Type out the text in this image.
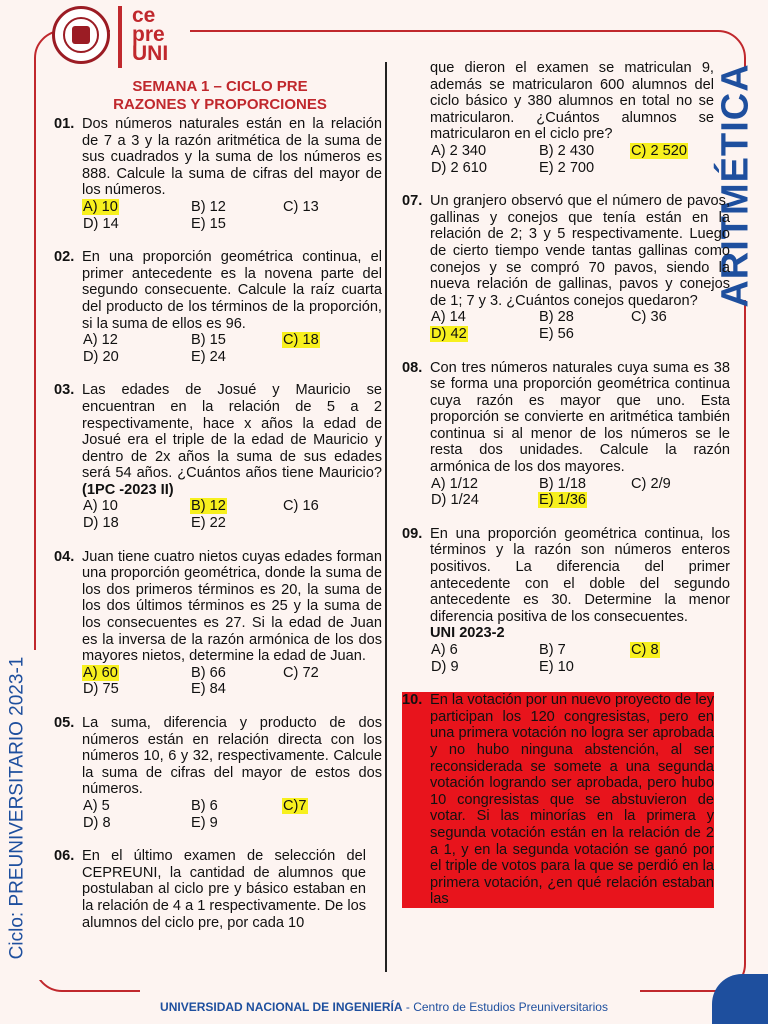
ce
pre
UNI
ARITMÉTICA
Ciclo: PREUNIVERSITARIO 2023-1
SEMANA 1 – CICLO PRE
RAZONES Y PROPORCIONES
01. Dos números naturales están en la relación de 7 a 3 y la razón aritmética de la suma de sus cuadrados y la suma de los números es 888. Calcule la suma de cifras del mayor de los números.
A) 10	B) 12	C) 13
D) 14	E) 15
02. En una proporción geométrica continua, el primer antecedente es la novena parte del segundo consecuente. Calcule la raíz cuarta del producto de los términos de la proporción, si la suma de ellos es 96.
A) 12	B) 15	C) 18
D) 20	E) 24
03. Las edades de Josué y Mauricio se encuentran en la relación de 5 a 2 respectivamente, hace x años la edad de Josué era el triple de la edad de Mauricio y dentro de 2x años la suma de sus edades será 54 años. ¿Cuántos años tiene Mauricio? (1PC -2023 II)
A) 10	B) 12	C) 16
D) 18	E) 22
04. Juan tiene cuatro nietos cuyas edades forman una proporción geométrica, donde la suma de los dos primeros términos es 20, la suma de los dos últimos términos es 25 y la suma de los consecuentes es 27. Si la edad de Juan es la inversa de la razón armónica de los dos mayores nietos, determine la edad de Juan.
A) 60	B) 66	C) 72
D) 75	E) 84
05. La suma, diferencia y producto de dos números están en relación directa con los números 10, 6 y 32, respectivamente. Calcule la suma de cifras del mayor de estos dos números.
A) 5	B) 6	C)7
D) 8	E) 9
06. En el último examen de selección del CEPREUNI, la cantidad de alumnos que postulaban al ciclo pre y básico estaban en la relación de 4 a 1 respectivamente. De los alumnos del ciclo pre, por cada 10
que dieron el examen se matriculan 9, además se matricularon 600 alumnos del ciclo básico y 380 alumnos en total no se matricularon. ¿Cuántos alumnos se matricularon en el ciclo pre?
A) 2 340	B) 2 430	C) 2 520
D) 2 610	E) 2 700
07. Un granjero observó que el número de pavos, gallinas y conejos que tenía están en la relación de 2; 3 y 5 respectivamente. Luego de cierto tiempo vende tantas gallinas como conejos y se compró 70 pavos, siendo la nueva relación de gallinas, pavos y conejos de 1; 7 y 3. ¿Cuántos conejos quedaron?
A) 14	B) 28	C) 36
D) 42	E) 56
08. Con tres números naturales cuya suma es 38 se forma una proporción geométrica continua cuya razón es mayor que uno. Esta proporción se convierte en aritmética también continua si al menor de los números se le resta dos unidades. Calcule la razón armónica de los dos mayores.
A) 1/12	B) 1/18	C) 2/9
D) 1/24	E) 1/36
09. En una proporción geométrica continua, los términos y la razón son números enteros positivos. La diferencia del primer antecedente con el doble del segundo antecedente es 30. Determine la menor diferencia positiva de los consecuentes.
UNI 2023-2
A) 6	B) 7	C) 8
D) 9	E) 10
10. En la votación por un nuevo proyecto de ley participan los 120 congresistas, pero en una primera votación no logra ser aprobada y no hubo ninguna abstención, al ser reconsiderada se somete a una segunda votación logrando ser aprobada, pero hubo 10 congresistas que se abstuvieron de votar. Si las minorías en la primera y segunda votación están en la relación de 2 a 1, y en la segunda votación se ganó por el triple de votos para la que se perdió en la primera votación, ¿en qué relación estaban las
UNIVERSIDAD NACIONAL DE INGENIERÍA - Centro de Estudios Preuniversitarios
